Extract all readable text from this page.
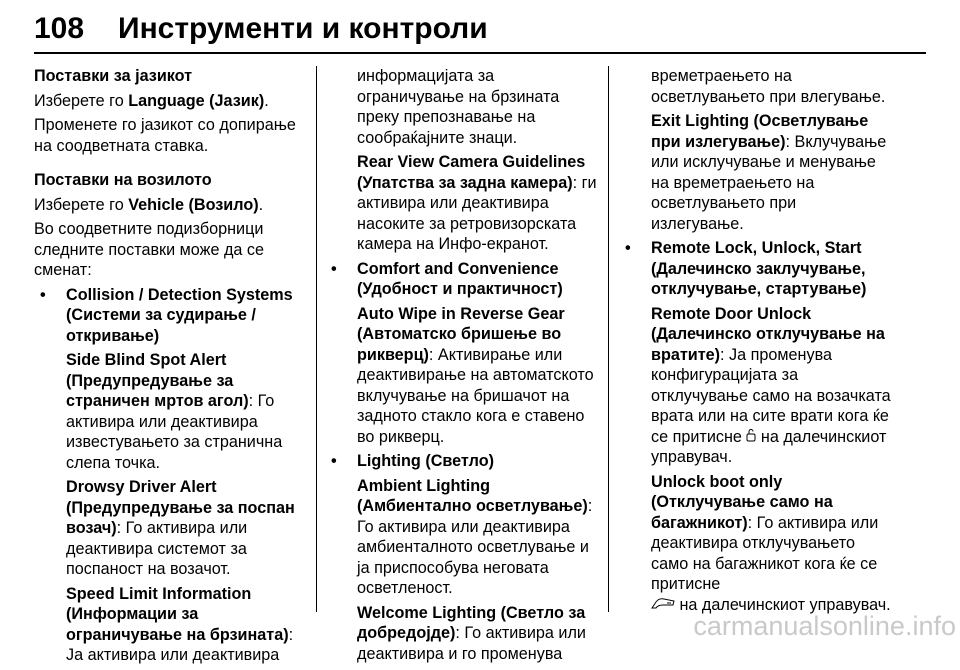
108 Инструменти и контроли
Поставки за јазикот
Изберете го Language (Јазик).
Променете го јазикот со допирање на соодветната ставка.
Поставки на возилото
Изберете го Vehicle (Возило).
Во соодветните подизборници следните поставки може да се сменат:
• Collision / Detection Systems (Системи за судирање / откривање)
Side Blind Spot Alert (Предупредување за страничен мртов агол): Го активира или деактивира известувањето за странична слепа точка.
Drowsy Driver Alert (Предупредување за поспан возач): Го активира или деактивира системот за поспаност на возачот.
Speed Limit Information (Информации за ограничување на брзината): Ја активира или деактивира
информацијата за ограничување на брзината преку препознавање на сообраќајните знаци.
Rear View Camera Guidelines (Упатства за задна камера): ги активира или деактивира насоките за ретровизорската камера на Инфо-екранот.
• Comfort and Convenience (Удобност и практичност)
Auto Wipe in Reverse Gear (Автоматско бришење во рикверц): Активирање или деактивирање на автоматското вклучување на бришачот на задното стакло кога е ставено во рикверц.
• Lighting (Светло)
Ambient Lighting (Амбиентално осветлување): Го активира или деактивира амбиенталното осветлување и ја приспособува неговата осветленост.
Welcome Lighting (Светло за добредојде): Го активира или деактивира и го променува
времетраењето на осветлувањето при влегување.
Exit Lighting (Осветлување при излегување): Вклучување или исклучување и менување на времетраењето на осветлувањето при излегување.
• Remote Lock, Unlock, Start (Далечинско заклучување, отклучување, стартување)
Remote Door Unlock (Далечинско отклучување на вратите): Ја променува конфигурацијата за отклучување само на возачката врата или на сите врати кога ќе се притисне  на далечинскиот управувач.
Unlock boot only (Отклучување само на багажникот): Го активира или деактивира отклучувањето само на багажникот кога ќе се притисне
на далечинскиот управувач.
carmanualsonline.info
